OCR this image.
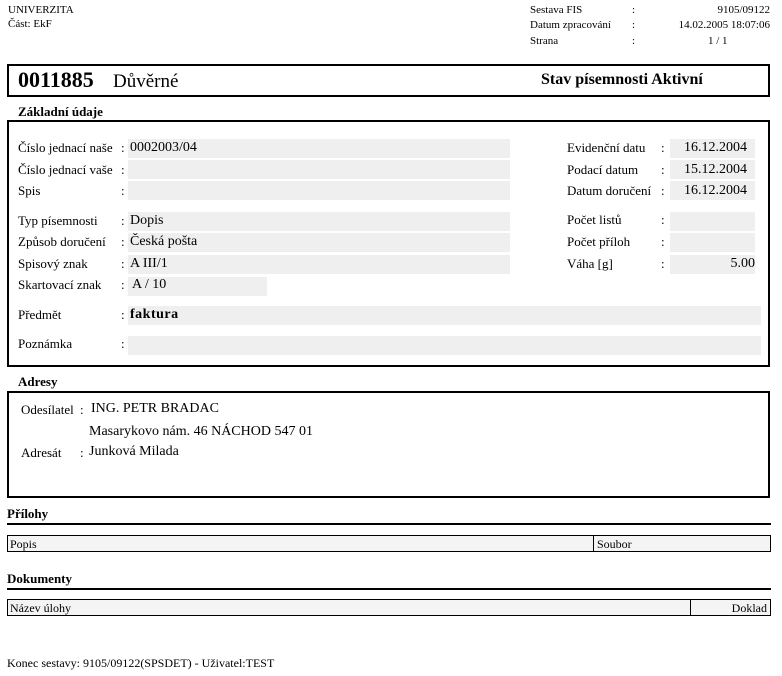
UNIVERZITA
Část: EkF
Sestava FIS	:	9105/09122
Datum zpracování :	14.02.2005 18:07:06
Strana	:	1 / 1
0011885 Důvěrné	Stav písemnosti Aktivní
Základní údaje
Číslo jednací naše : 0002003/04
Číslo jednací vaše :
Spis	:
Typ písemnosti : Dopis
Způsob doručení : Česká pošta
Spisový znak	: A III/1
Skartovací znak : A / 10
Předmět	: faktura
Poznámka	:
Evidenční datu :	16.12.2004
Podací datum :	15.12.2004
Datum doručení :	16.12.2004
Počet listů	:
Počet příloh :
Váha [g]	:	5.00
Adresy
Odesílatel : ING. PETR BRADAC
Masarykovo nám. 46 NÁCHOD 547 01
Adresát : Junková Milada
Přílohy
Popis	Soubor
Dokumenty
Název úlohy	Doklad
Konec sestavy: 9105/09122(SPSDET) - Uživatel:TEST
